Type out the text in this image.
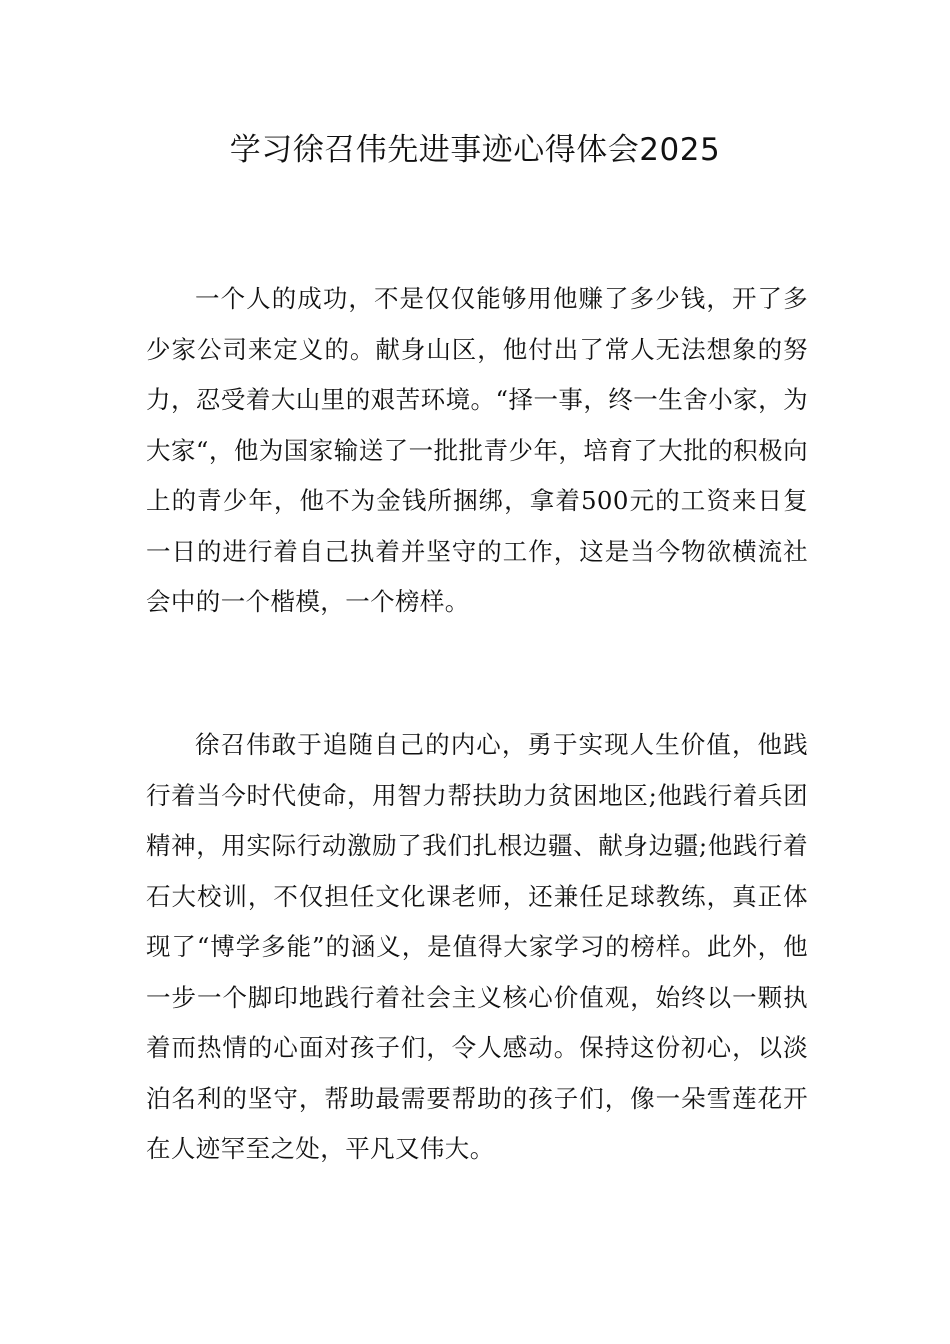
学习徐召伟先进事迹心得体会2025

一个人的成功，不是仅仅能够用他赚了多少钱，开了多少家公司来定义的。献身山区，他付出了常人无法想象的努力，忍受着大山里的艰苦环境。“择一事，终一生舍小家，为大家“，他为国家输送了一批批青少年，培育了大批的积极向上的青少年，他不为金钱所捆绑，拿着500元的工资来日复一日的进行着自己执着并坚守的工作，这是当今物欲横流社会中的一个楷模，一个榜样。

徐召伟敢于追随自己的内心，勇于实现人生价值，他践行着当今时代使命，用智力帮扶助力贫困地区;他践行着兵团精神，用实际行动激励了我们扎根边疆、献身边疆;他践行着石大校训，不仅担任文化课老师，还兼任足球教练，真正体现了“博学多能”的涵义，是值得大家学习的榜样。此外，他一步一个脚印地践行着社会主义核心价值观，始终以一颗执着而热情的心面对孩子们，令人感动。保持这份初心，以淡泊名利的坚守，帮助最需要帮助的孩子们，像一朵雪莲花开在人迹罕至之处，平凡又伟大。
